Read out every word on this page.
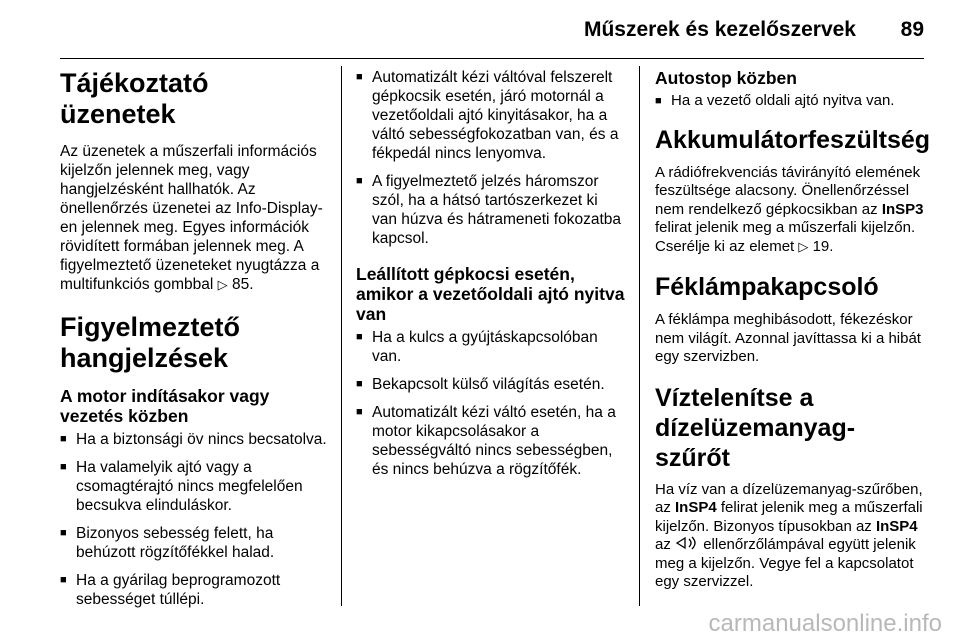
Műszerek és kezelőszervek 89
Tájékoztató üzenetek

Az üzenetek a műszerfali információs kijelzőn jelennek meg, vagy hangjelzésként hallhatók. Az önellenőrzés üzenetei az Info-Display-en jelennek meg. Egyes információk rövidített formában jelennek meg. A figyelmeztető üzeneteket nyugtázza a multifunkciós gombbal ▷ 85.

Figyelmeztető hangjelzések
A motor indításakor vagy vezetés közben
■ Ha a biztonsági öv nincs becsatolva.
■ Ha valamelyik ajtó vagy a csomagtérajtó nincs megfelelően becsukva elinduláskor.
■ Bizonyos sebesség felett, ha behúzott rögzítőfékkel halad.
■ Ha a gyárilag beprogramozott sebességet túllépi.
■ Automatizált kézi váltóval felszerelt gépkocsik esetén, járó motornál a vezetőoldali ajtó kinyitásakor, ha a váltó sebességfokozatban van, és a fékpedál nincs lenyomva.
■ A figyelmeztető jelzés háromszor szól, ha a hátsó tartószerkezet ki van húzva és hátrameneti fokozatba kapcsol.
Leállított gépkocsi esetén, amikor a vezetőoldali ajtó nyitva van
■ Ha a kulcs a gyújtáskapcsolóban van.
■ Bekapcsolt külső világítás esetén.
■ Automatizált kézi váltó esetén, ha a motor kikapcsolásakor a sebességváltó nincs sebességben, és nincs behúzva a rögzítőfék.
Autostop közben
■ Ha a vezető oldali ajtó nyitva van.
Akkumulátorfeszültség

A rádiófrekvenciás távirányító elemének feszültsége alacsony. Önellenőrzéssel nem rendelkező gépkocsikban az InSP3 felirat jelenik meg a műszerfali kijelzőn. Cserélje ki az elemet ▷ 19.

Féklámpakapcsoló

A féklámpa meghibásodott, fékezéskor nem világít. Azonnal javíttassa ki a hibát egy szervizben.

Víztelenítse a dízelüzemanyag-szűrőt

Ha víz van a dízelüzemanyag-szűrőben, az InSP4 felirat jelenik meg a műszerfali kijelzőn. Bizonyos típusokban az InSP4 az ellenőrzőlámpával együtt jelenik meg a kijelzőn. Vegye fel a kapcsolatot egy szervizzel.

carmanualsonline.info
